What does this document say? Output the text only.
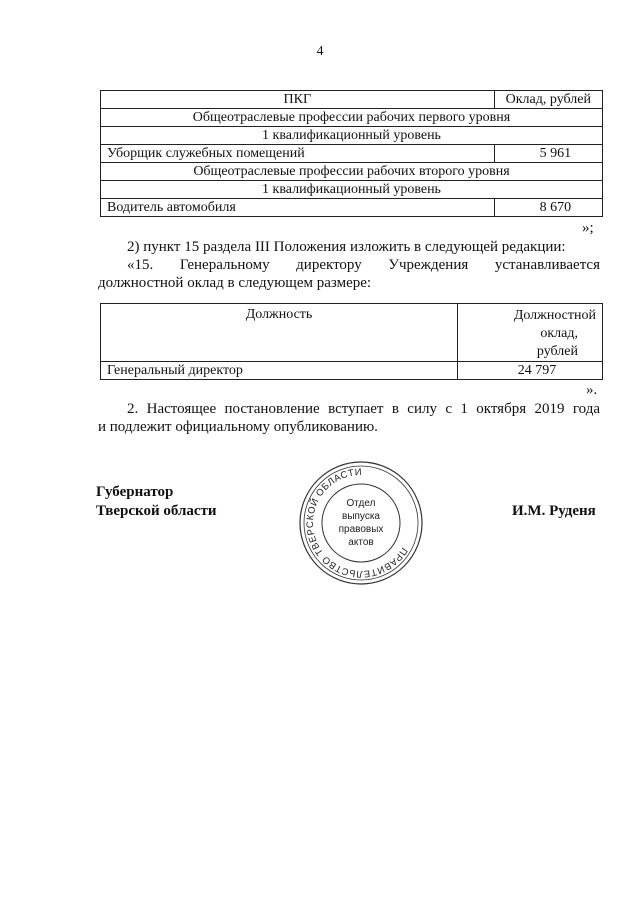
4
ПКГ	Оклад, рублей
Общеотраслевые профессии рабочих первого уровня	
1 квалификационный уровень	
Уборщик служебных помещений	5 961
Общеотраслевые профессии рабочих второго уровня	
1 квалификационный уровень	
Водитель автомобиля	8 670
»;
2) пункт 15 раздела III Положения изложить в следующей редакции:
«15. Генеральному директору Учреждения устанавливается
должностной оклад в следующем размере:
Должность	Должностной
оклад,
рублей

Генеральный директор	24 797
».
2. Настоящее постановление вступает в силу с 1 октября 2019 года
и подлежит официальному опубликованию.
Губернатор
Тверской области	И.М. Руденя
ПРАВИТЕЛЬСТВО ТВЕРСКОЙ ОБЛАСТИ
Отдел
выпуска
правовых
актов
